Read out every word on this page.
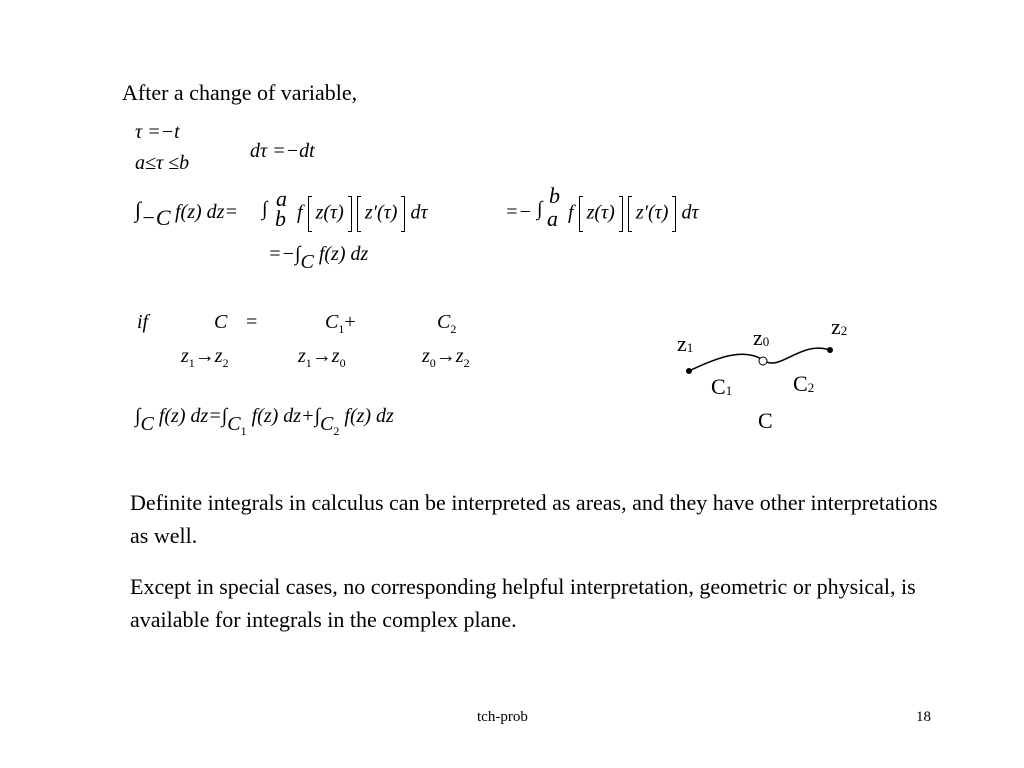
After a change of variable,
τ =−t
a≤τ ≤b
dτ =−dt
∫−C f(z) dz= ∫ a
b f z(τ) z′(τ) dτ	=− ∫
b
a f z(τ) z′(τ) dτ
=−∫C f(z) dz
if	C =	$C_1+$	$C_2$
$z_1\to z_2$	$z_1\to z_0$	$z_0\to z_2$
∫C f(z) $dz=\int C_1$ f(z) $dz+\int C_2$ f(z) dz
$z_1$	$z_0$
$z_2$
$C_1$	$C_2$
C
Definite integrals in calculus can be interpreted as areas, and they have other interpretations as well.
Except in special cases, no corresponding helpful interpretation, geometric or physical, is available for integrals in the complex plane.
tch-prob	18
